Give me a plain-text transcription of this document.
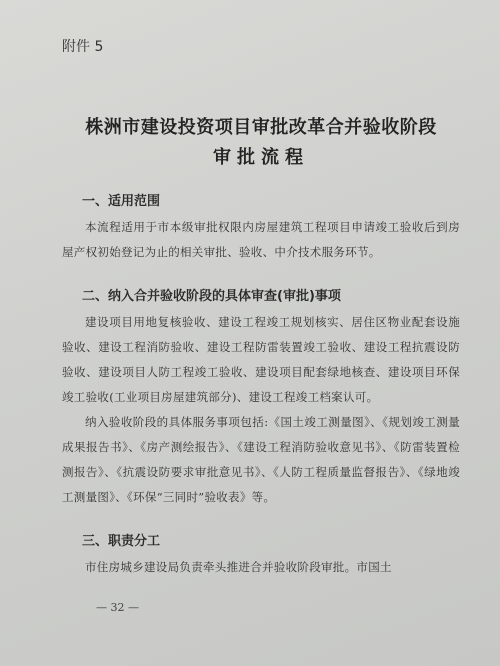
附件 5
株洲市建设投资项目审批改革合并验收阶段
审批流程
一、适用范围

本流程适用于市本级审批权限内房屋建筑工程项目申请竣工验收后到房屋产权初始登记为止的相关审批、验收、中介技术服务环节。

二、纳入合并验收阶段的具体审查(审批)事项

建设项目用地复核验收、建设工程竣工规划核实、居住区物业配套设施验收、建设工程消防验收、建设工程防雷装置竣工验收、建设工程抗震设防验收、建设项目人防工程竣工验收、建设项目配套绿地核查、建设项目环保竣工验收(工业项目房屋建筑部分)、建设工程竣工档案认可。

纳入验收阶段的具体服务事项包括:《国土竣工测量图》、《规划竣工测量成果报告书》、《房产测绘报告》、《建设工程消防验收意见书》、《防雷装置检测报告》、《抗震设防要求审批意见书》、《人防工程质量监督报告》、《绿地竣工测量图》、《环保“三同时”验收表》等。

三、职责分工

市住房城乡建设局负责牵头推进合并验收阶段审批。市国土

— 32 —
